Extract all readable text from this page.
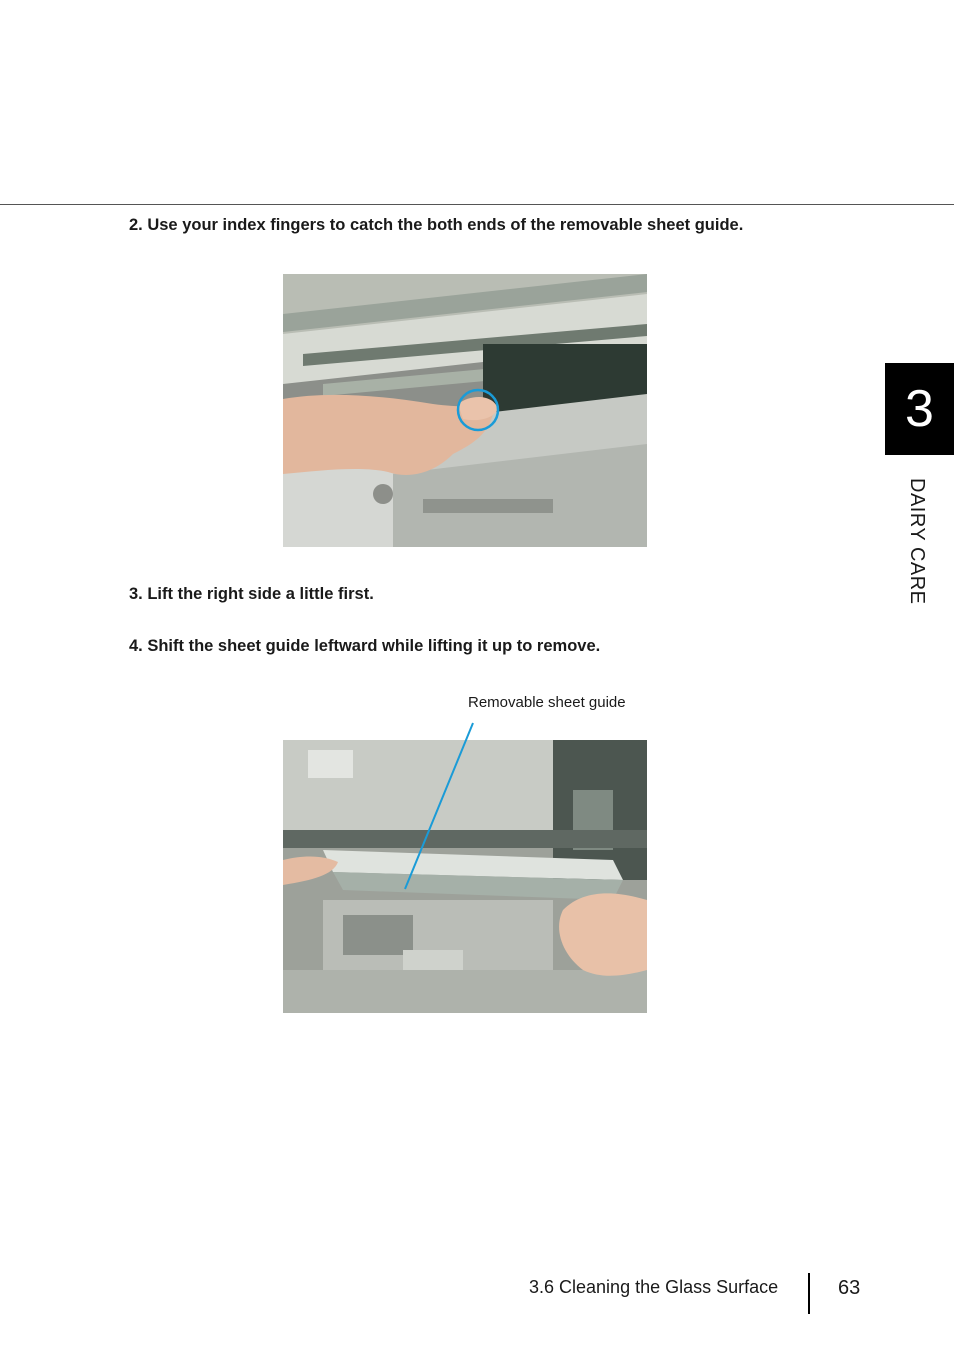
2. Use your index fingers to catch the both ends of the removable sheet guide.

3. Lift the right side a little first.

4. Shift the sheet guide leftward while lifting it up to remove.

Removable sheet guide
3
DAIRY CARE
3.6 Cleaning the Glass Surface	63
